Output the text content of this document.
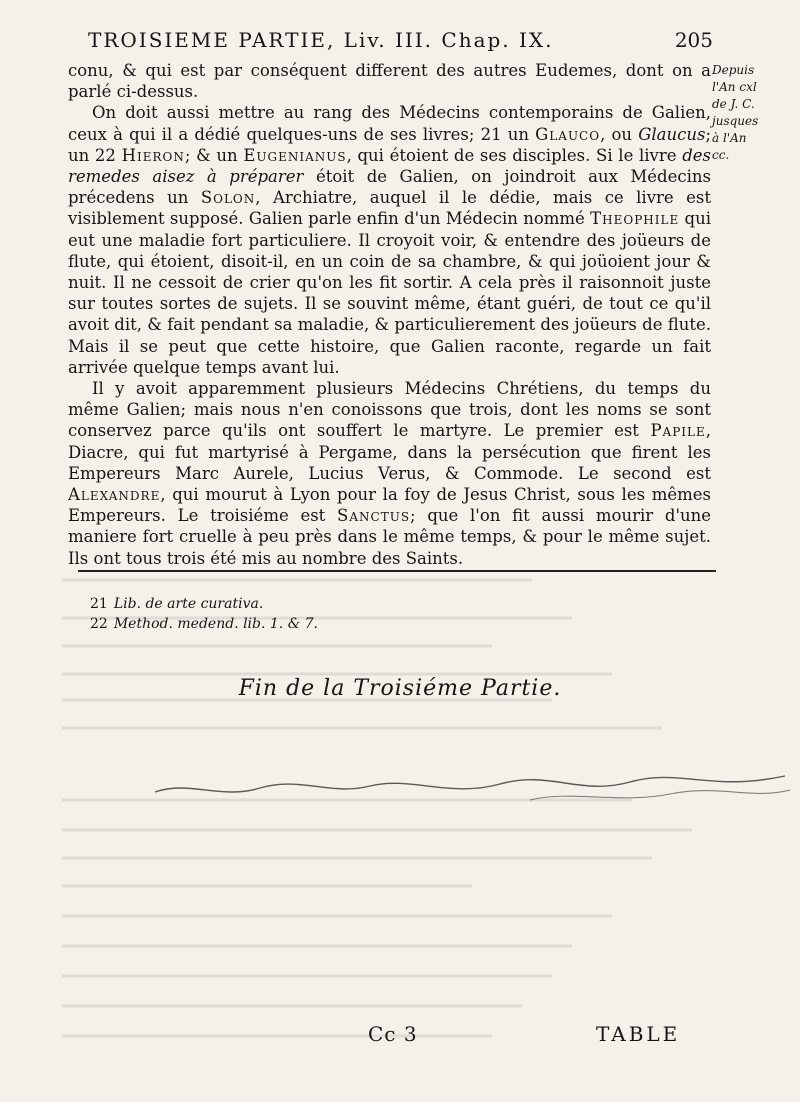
TROISIEME PARTIE, Liv. III. Chap. IX.	205
Depuis
l'An cxl
de J. C.
jusques
à l'An
cc.

conu, & qui est par conséquent different des autres Eudemes, dont on a parlé ci-dessus.

On doit aussi mettre au rang des Médecins contemporains de Galien, ceux à qui il a dédié quelques-uns de ses livres; 21 un Glauco, ou Glaucus; un 22 Hieron; & un Eugenianus, qui étoient de ses disciples. Si le livre des remedes aisez à préparer étoit de Galien, on joindroit aux Médecins précedens un Solon, Archiatre, auquel il le dédie, mais ce livre est visiblement supposé. Galien parle enfin d'un Médecin nommé Theophile qui eut une maladie fort particuliere. Il croyoit voir, & entendre des joüeurs de flute, qui étoient, disoit-il, en un coin de sa chambre, & qui joüoient jour & nuit. Il ne cessoit de crier qu'on les fit sortir. A cela près il raisonnoit juste sur toutes sortes de sujets. Il se souvint même, étant guéri, de tout ce qu'il avoit dit, & fait pendant sa maladie, & particulierement des joüeurs de flute. Mais il se peut que cette histoire, que Galien raconte, regarde un fait arrivée quelque temps avant lui.

Il y avoit apparemment plusieurs Médecins Chrétiens, du temps du même Galien; mais nous n'en conoissons que trois, dont les noms se sont conservez parce qu'ils ont souffert le martyre. Le premier est Papile, Diacre, qui fut martyrisé à Pergame, dans la persécution que firent les Empereurs Marc Aurele, Lucius Verus, & Commode. Le second est Alexandre, qui mourut à Lyon pour la foy de Jesus Christ, sous les mêmes Empereurs. Le troisiéme est Sanctus; que l'on fit aussi mourir d'une maniere fort cruelle à peu près dans le même temps, & pour le même sujet. Ils ont tous trois été mis au nombre des Saints.

21 Lib. de arte curativa.
22 Method. medend. lib. 1. & 7.
Fin de la Troisiéme Partie.
Cc 3	TABLE
